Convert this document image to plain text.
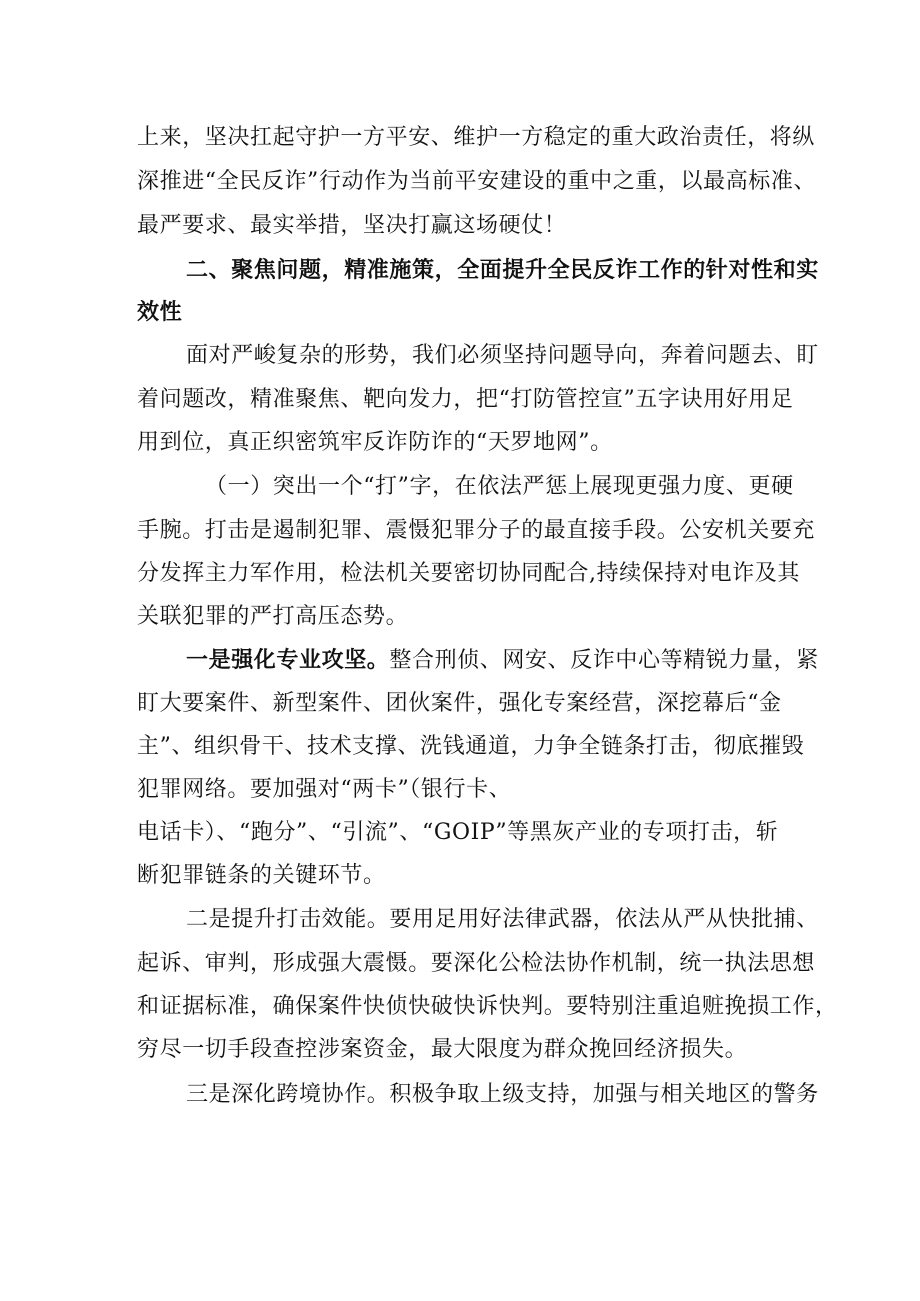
上来，坚决扛起守护一方平安、维护一方稳定的重大政治责任，将纵
深推进“全民反诈”行动作为当前平安建设的重中之重，以最高标准、
最严要求、最实举措，坚决打赢这场硬仗！
二、聚焦问题，精准施策，全面提升全民反诈工作的针对性和实
效性
面对严峻复杂的形势，我们必须坚持问题导向，奔着问题去、盯
着问题改，精准聚焦、靶向发力，把“打防管控宣”五字诀用好用足
用到位，真正织密筑牢反诈防诈的“天罗地网”。
（一）突出一个“打”字，在依法严惩上展现更强力度、更硬
手腕。打击是遏制犯罪、震慑犯罪分子的最直接手段。公安机关要充
分发挥主力军作用，检法机关要密切协同配合,持续保持对电诈及其
关联犯罪的严打高压态势。
一是强化专业攻坚。整合刑侦、网安、反诈中心等精锐力量，紧
盯大要案件、新型案件、团伙案件，强化专案经营，深挖幕后“金
主”、组织骨干、技术支撑、洗钱通道，力争全链条打击，彻底摧毁
犯罪网络。要加强对“两卡”（银行卡、
电话卡）、“跑分”、“引流”、“GOIP”等黑灰产业的专项打击，斩
断犯罪链条的关键环节。
二是提升打击效能。要用足用好法律武器，依法从严从快批捕、
起诉、审判，形成强大震慑。要深化公检法协作机制，统一执法思想
和证据标准，确保案件快侦快破快诉快判。要特别注重追赃挽损工作，
穷尽一切手段查控涉案资金，最大限度为群众挽回经济损失。
三是深化跨境协作。积极争取上级支持，加强与相关地区的警务
